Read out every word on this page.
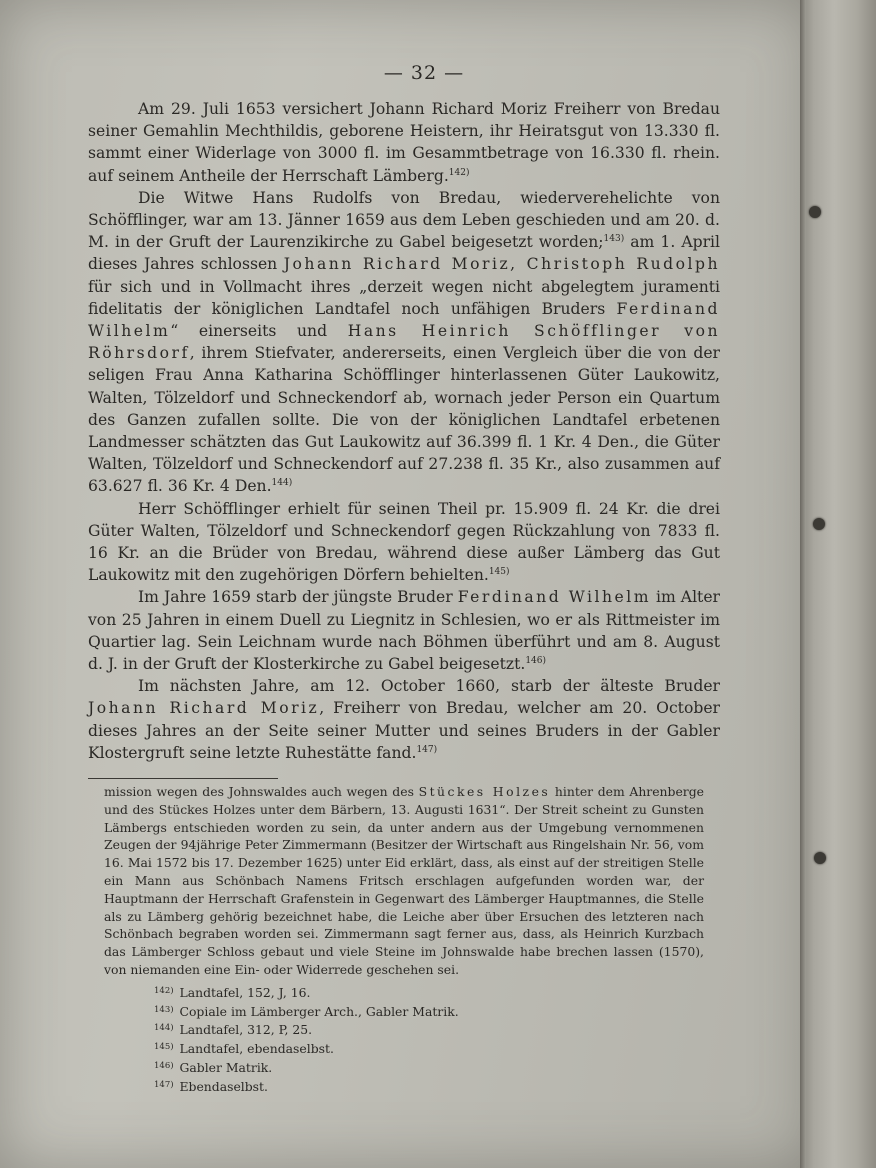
— 32 —

Am 29. Juli 1653 versichert Johann Richard Moriz Freiherr von Bredau seiner Gemahlin Mechthildis, geborene Heistern, ihr Heiratsgut von 13.330 fl. sammt einer Widerlage von 3000 fl. im Gesammtbetrage von 16.330 fl. rhein. auf seinem Antheile der Herrschaft Lämberg.$^{142)}$

Die Witwe Hans Rudolfs von Bredau, wiederverehelichte von Schöfflinger, war am 13. Jänner 1659 aus dem Leben geschieden und am 20. d. M. in der Gruft der Laurenzikirche zu Gabel beigesetzt worden;$^{143)}$ am 1. April dieses Jahres schlossen Johann Richard Moriz, Christoph Rudolph für sich und in Vollmacht ihres „derzeit wegen nicht abgelegtem juramenti fidelitatis der königlichen Landtafel noch unfähigen Bruders Ferdinand Wilhelm“ einerseits und Hans Heinrich Schöfflinger von Röhrsdorf, ihrem Stiefvater, andererseits, einen Vergleich über die von der seligen Frau Anna Katharina Schöfflinger hinterlassenen Güter Laukowitz, Walten, Tölzeldorf und Schneckendorf ab, wornach jeder Person ein Quartum des Ganzen zufallen sollte. Die von der königlichen Landtafel erbetenen Landmesser schätzten das Gut Laukowitz auf 36.399 fl. 1 Kr. 4 Den., die Güter Walten, Tölzeldorf und Schneckendorf auf 27.238 fl. 35 Kr., also zusammen auf 63.627 fl. 36 Kr. 4 Den.$^{144)}$

Herr Schöfflinger erhielt für seinen Theil pr. 15.909 fl. 24 Kr. die drei Güter Walten, Tölzeldorf und Schneckendorf gegen Rückzahlung von 7833 fl. 16 Kr. an die Brüder von Bredau, während diese außer Lämberg das Gut Laukowitz mit den zugehörigen Dörfern behielten.$^{145)}$

Im Jahre 1659 starb der jüngste Bruder Ferdinand Wilhelm im Alter von 25 Jahren in einem Duell zu Liegnitz in Schlesien, wo er als Rittmeister im Quartier lag. Sein Leichnam wurde nach Böhmen überführt und am 8. August d. J. in der Gruft der Klosterkirche zu Gabel beigesetzt.$^{146)}$

Im nächsten Jahre, am 12. October 1660, starb der älteste Bruder Johann Richard Moriz, Freiherr von Bredau, welcher am 20. October dieses Jahres an der Seite seiner Mutter und seines Bruders in der Gabler Klostergruft seine letzte Ruhestätte fand.$^{147)}$

mission wegen des Johnswaldes auch wegen des Stückes Holzes hinter dem Ahrenberge und des Stückes Holzes unter dem Bärbern, 13. Augusti 1631“. Der Streit scheint zu Gunsten Lämbergs entschieden worden zu sein, da unter andern aus der Umgebung vernommenen Zeugen der 94jährige Peter Zimmermann (Besitzer der Wirtschaft aus Ringelshain Nr. 56, vom 16. Mai 1572 bis 17. Dezember 1625) unter Eid erklärt, dass, als einst auf der streitigen Stelle ein Mann aus Schönbach Namens Fritsch erschlagen aufgefunden worden war, der Hauptmann der Herrschaft Grafenstein in Gegenwart des Lämberger Hauptmannes, die Stelle als zu Lämberg gehörig bezeichnet habe, die Leiche aber über Ersuchen des letzteren nach Schönbach begraben worden sei. Zimmermann sagt ferner aus, dass, als Heinrich Kurzbach das Lämberger Schloss gebaut und viele Steine im Johnswalde habe brechen lassen (1570), von niemanden eine Ein- oder Widerrede geschehen sei.

$^{142)}$ Landtafel, 152, J, 16.
$^{143)}$ Copiale im Lämberger Arch., Gabler Matrik.
$^{144)}$ Landtafel, 312, P, 25.
$^{145)}$ Landtafel, ebendaselbst.
$^{146)}$ Gabler Matrik.
$^{147)}$ Ebendaselbst.
